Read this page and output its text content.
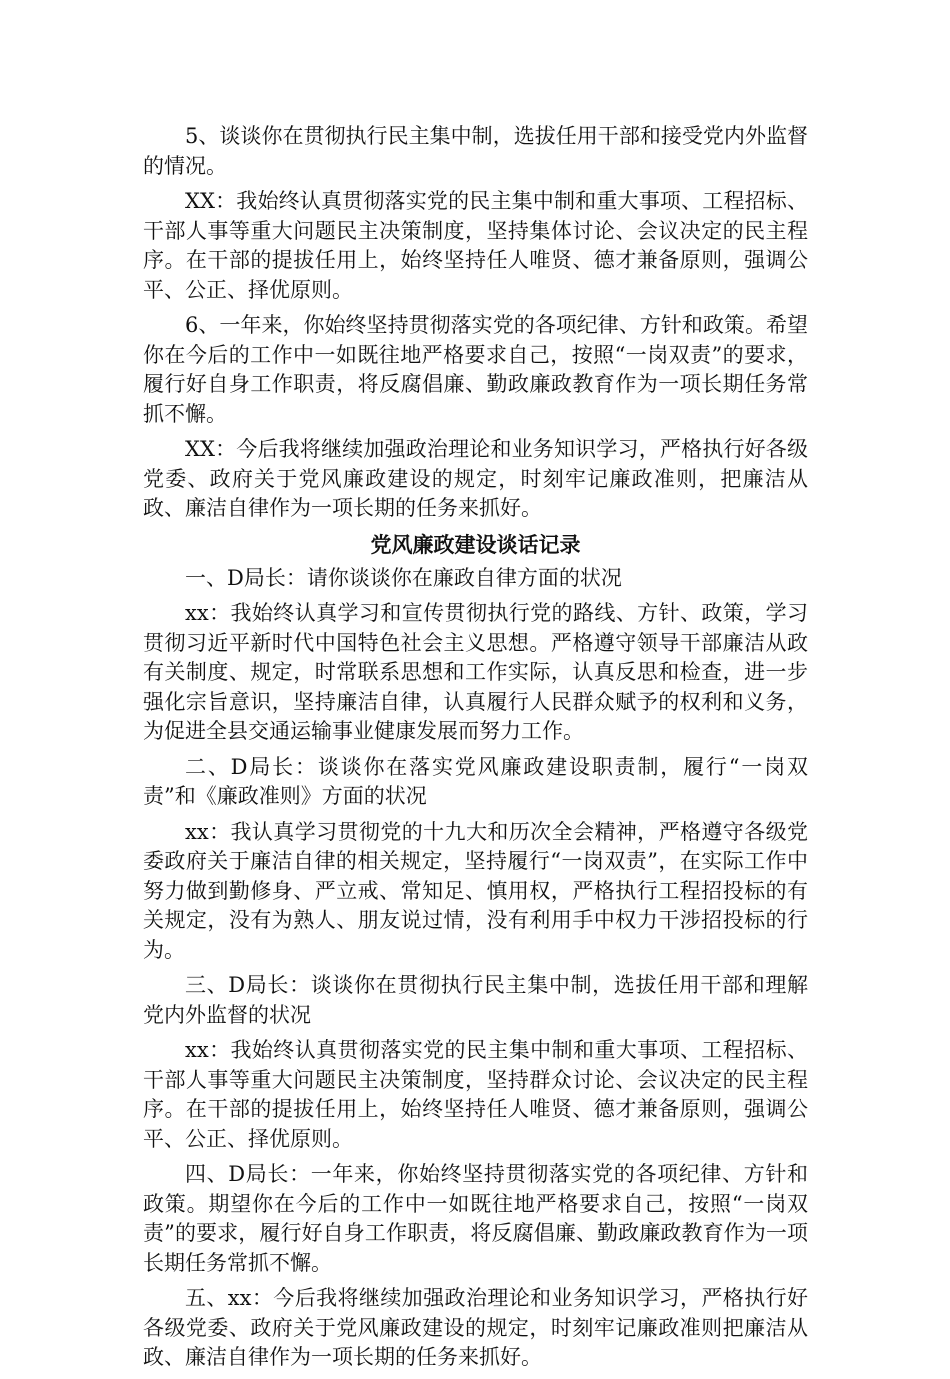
5、谈谈你在贯彻执行民主集中制，选拔任用干部和接受党内外监督的情况。

XX：我始终认真贯彻落实党的民主集中制和重大事项、工程招标、干部人事等重大问题民主决策制度，坚持集体讨论、会议决定的民主程序。在干部的提拔任用上，始终坚持任人唯贤、德才兼备原则，强调公平、公正、择优原则。

6、一年来，你始终坚持贯彻落实党的各项纪律、方针和政策。希望你在今后的工作中一如既往地严格要求自己，按照“一岗双责”的要求，履行好自身工作职责，将反腐倡廉、勤政廉政教育作为一项长期任务常抓不懈。

XX：今后我将继续加强政治理论和业务知识学习，严格执行好各级党委、政府关于党风廉政建设的规定，时刻牢记廉政准则，把廉洁从政、廉洁自律作为一项长期的任务来抓好。

党风廉政建设谈话记录

一、D局长：请你谈谈你在廉政自律方面的状况

xx：我始终认真学习和宣传贯彻执行党的路线、方针、政策，学习贯彻习近平新时代中国特色社会主义思想。严格遵守领导干部廉洁从政有关制度、规定，时常联系思想和工作实际，认真反思和检查，进一步强化宗旨意识，坚持廉洁自律，认真履行人民群众赋予的权利和义务，为促进全县交通运输事业健康发展而努力工作。

二、D局长：谈谈你在落实党风廉政建设职责制，履行“一岗双责”和《廉政准则》方面的状况

xx：我认真学习贯彻党的十九大和历次全会精神，严格遵守各级党委政府关于廉洁自律的相关规定，坚持履行“一岗双责”，在实际工作中努力做到勤修身、严立戒、常知足、慎用权，严格执行工程招投标的有关规定，没有为熟人、朋友说过情，没有利用手中权力干涉招投标的行为。

三、D局长：谈谈你在贯彻执行民主集中制，选拔任用干部和理解党内外监督的状况

xx：我始终认真贯彻落实党的民主集中制和重大事项、工程招标、干部人事等重大问题民主决策制度，坚持群众讨论、会议决定的民主程序。在干部的提拔任用上，始终坚持任人唯贤、德才兼备原则，强调公平、公正、择优原则。

四、D局长：一年来，你始终坚持贯彻落实党的各项纪律、方针和政策。期望你在今后的工作中一如既往地严格要求自己，按照“一岗双责”的要求，履行好自身工作职责，将反腐倡廉、勤政廉政教育作为一项长期任务常抓不懈。

五、xx：今后我将继续加强政治理论和业务知识学习，严格执行好各级党委、政府关于党风廉政建设的规定，时刻牢记廉政准则把廉洁从政、廉洁自律作为一项长期的任务来抓好。
